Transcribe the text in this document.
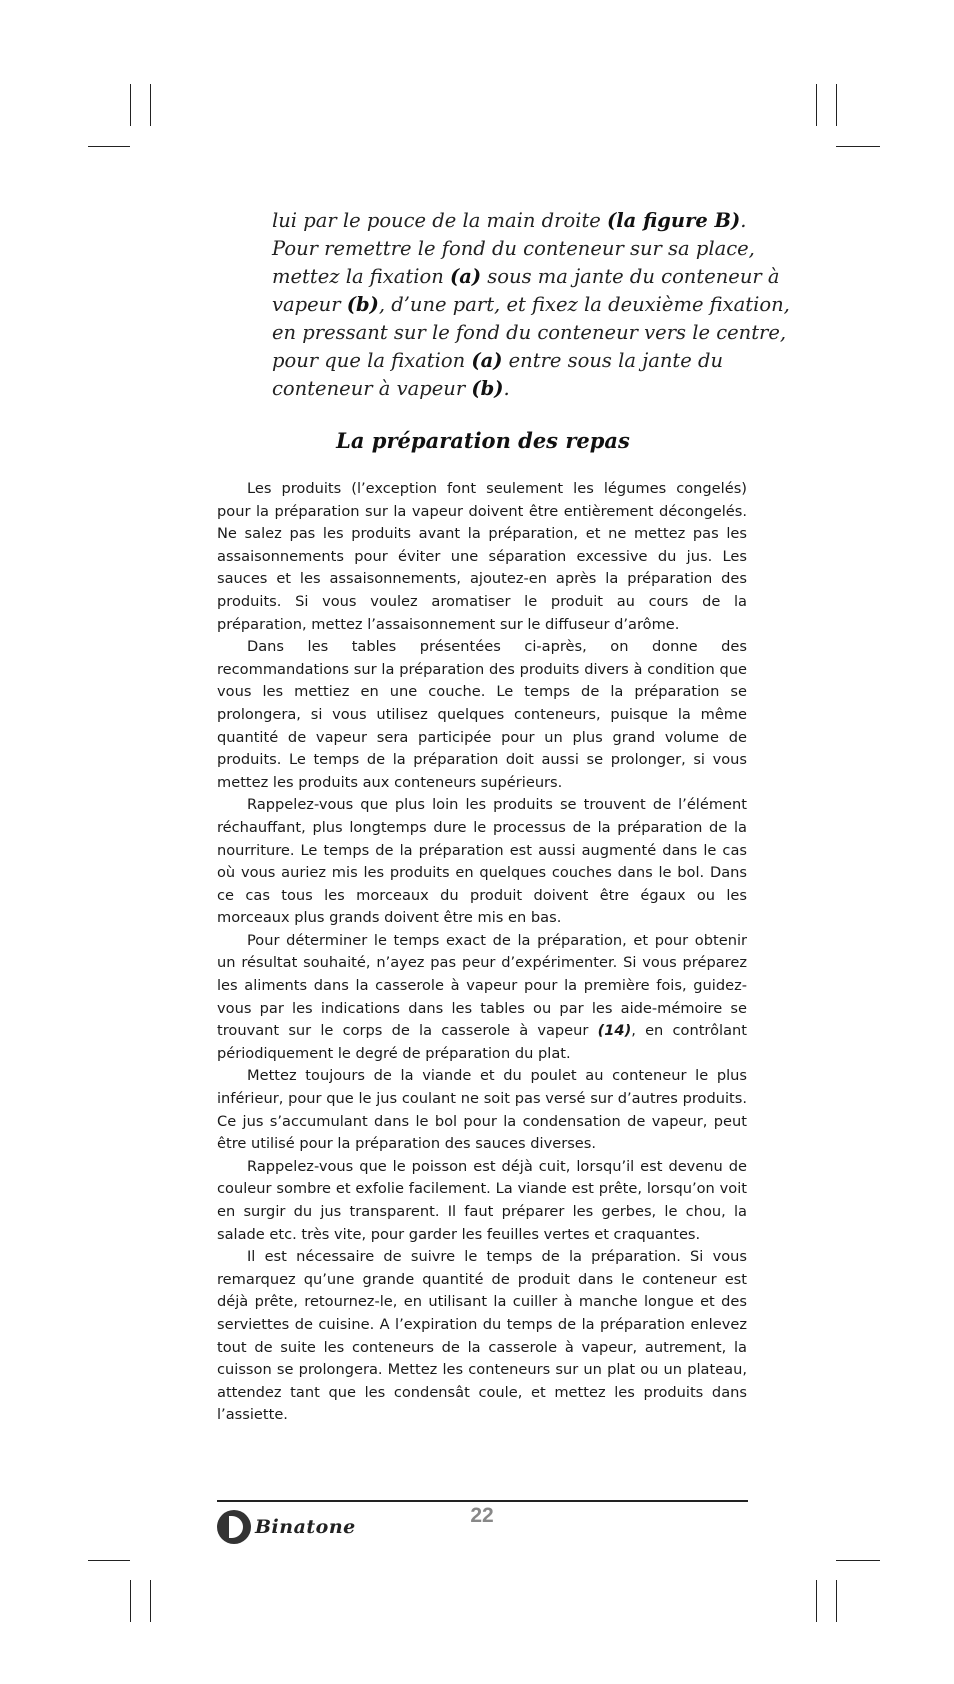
lui par le pouce de la main droite (la figure B).
Pour remettre le fond du conteneur sur sa place,
mettez la fixation (a) sous ma jante du conteneur à
vapeur (b), d’une part, et fixez la deuxième fixation,
en pressant sur le fond du conteneur vers le centre,
pour que la fixation (a) entre sous la jante du
conteneur à vapeur (b).
La préparation des repas

Les produits (l’exception font seulement les légumes congelés) pour la préparation sur la vapeur doivent être entièrement décongelés. Ne salez pas les produits avant la préparation, et ne mettez pas les assaisonnements pour éviter une séparation excessive du jus. Les sauces et les assaisonnements, ajoutez-en après la préparation des produits. Si vous voulez aromatiser le produit au cours de la préparation, mettez l’assaisonnement sur le diffuseur d’arôme.

Dans les tables présentées ci-après, on donne des recommandations sur la préparation des produits divers à condition que vous les mettiez en une couche. Le temps de la préparation se prolongera, si vous utilisez quelques conteneurs, puisque la même quantité de vapeur sera participée pour un plus grand volume de produits. Le temps de la préparation doit aussi se prolonger, si vous mettez les produits aux conteneurs supérieurs.

Rappelez-vous que plus loin les produits se trouvent de l’élément réchauffant, plus longtemps dure le processus de la préparation de la nourriture. Le temps de la préparation est aussi augmenté dans le cas où vous auriez mis les produits en quelques couches dans le bol. Dans ce cas tous les morceaux du produit doivent être égaux ou les morceaux plus grands doivent être mis en bas.

Pour déterminer le temps exact de la préparation, et pour obtenir un résultat souhaité, n’ayez pas peur d’expérimenter. Si vous préparez les aliments dans la casserole à vapeur pour la première fois, guidez-vous par les indications dans les tables ou par les aide-mémoire se trouvant sur le corps de la casserole à vapeur (14), en contrôlant périodiquement le degré de préparation du plat.

Mettez toujours de la viande et du poulet au conteneur le plus inférieur, pour que le jus coulant ne soit pas versé sur d’autres produits. Ce jus s’accumulant dans le bol pour la condensation de vapeur, peut être utilisé pour la préparation des sauces diverses.

Rappelez-vous que le poisson est déjà cuit, lorsqu’il est devenu de couleur sombre et exfolie facilement. La viande est prête, lorsqu’on voit en surgir du jus transparent. Il faut préparer les gerbes, le chou, la salade etc. très vite, pour garder les feuilles vertes et craquantes.

Il est nécessaire de suivre le temps de la préparation. Si vous remarquez qu’une grande quantité de produit dans le conteneur est déjà prête, retournez-le, en utilisant la cuiller à manche longue et des serviettes de cuisine. A l’expiration du temps de la préparation enlevez tout de suite les conteneurs de la casserole à vapeur, autrement, la cuisson se prolongera. Mettez les conteneurs sur un plat ou un plateau, attendez tant que les condensât coule, et mettez les produits dans l’assiette.

Binatone	22
